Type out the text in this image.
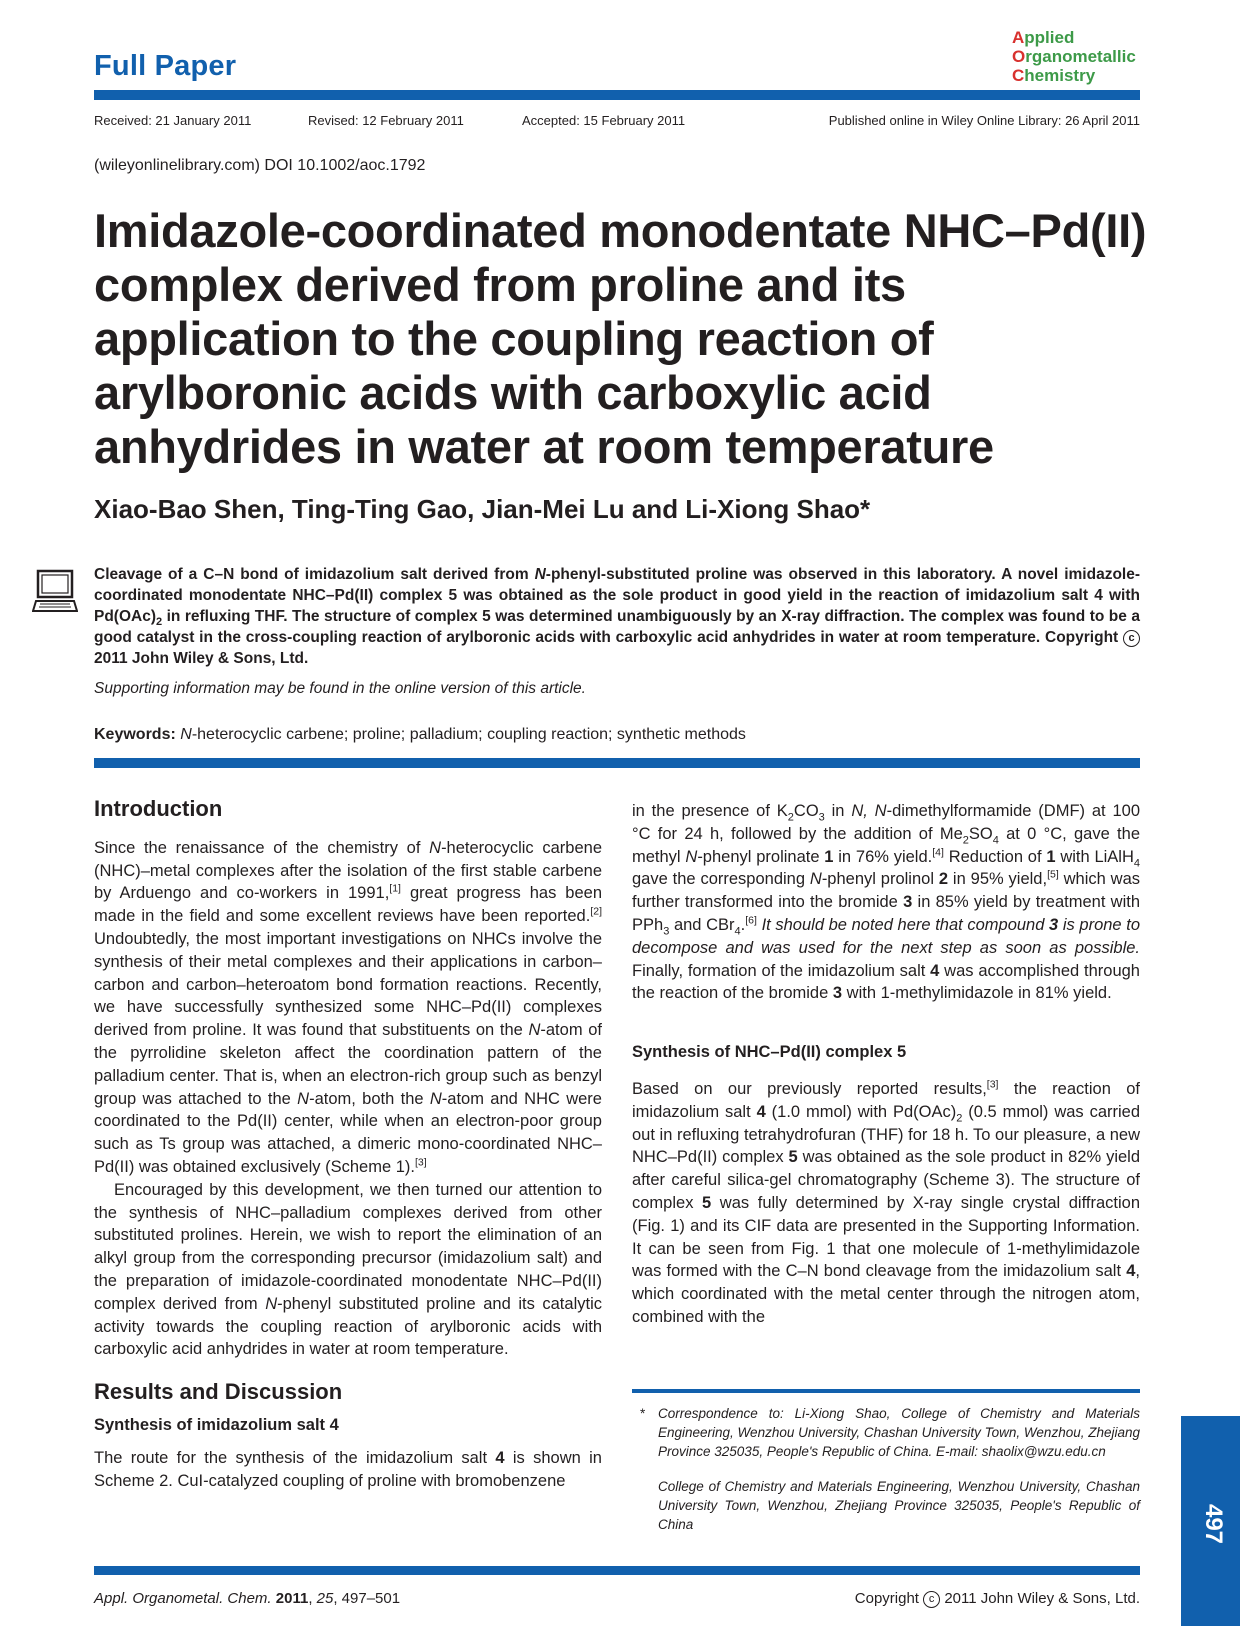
Full Paper
Applied
Organometallic
Chemistry
Received: 21 January 2011	Revised: 12 February 2011	Accepted: 15 February 2011	Published online in Wiley Online Library: 26 April 2011
(wileyonlinelibrary.com) DOI 10.1002/aoc.1792
Imidazole-coordinated monodentate NHC–Pd(II) complex derived from proline and its application to the coupling reaction of arylboronic acids with carboxylic acid anhydrides in water at room temperature
Xiao-Bao Shen, Ting-Ting Gao, Jian-Mei Lu and Li-Xiong Shao*
Cleavage of a C–N bond of imidazolium salt derived from N-phenyl-substituted proline was observed in this laboratory. A novel imidazole-coordinated monodentate NHC–Pd(II) complex 5 was obtained as the sole product in good yield in the reaction of imidazolium salt 4 with $Pd(OAc)_2$ in refluxing THF. The structure of complex 5 was determined unambiguously by an X-ray diffraction. The complex was found to be a good catalyst in the cross-coupling reaction of arylboronic acids with carboxylic acid anhydrides in water at room temperature. Copyright c 2011 John Wiley & Sons, Ltd.
Supporting information may be found in the online version of this article.
Keywords: N-heterocyclic carbene; proline; palladium; coupling reaction; synthetic methods
Introduction

Since the renaissance of the chemistry of N-heterocyclic carbene (NHC)–metal complexes after the isolation of the first stable carbene by Arduengo and co-workers in 1991,[1] great progress has been made in the field and some excellent reviews have been reported.[2] Undoubtedly, the most important investigations on NHCs involve the synthesis of their metal complexes and their applications in carbon–carbon and carbon–heteroatom bond formation reactions. Recently, we have successfully synthesized some NHC–Pd(II) complexes derived from proline. It was found that substituents on the N-atom of the pyrrolidine skeleton affect the coordination pattern of the palladium center. That is, when an electron-rich group such as benzyl group was attached to the N-atom, both the N-atom and NHC were coordinated to the Pd(II) center, while when an electron-poor group such as Ts group was attached, a dimeric mono-coordinated NHC–Pd(II) was obtained exclusively (Scheme 1).[3]

Encouraged by this development, we then turned our attention to the synthesis of NHC–palladium complexes derived from other substituted prolines. Herein, we wish to report the elimination of an alkyl group from the corresponding precursor (imidazolium salt) and the preparation of imidazole-coordinated monodentate NHC–Pd(II) complex derived from N-phenyl substituted proline and its catalytic activity towards the coupling reaction of arylboronic acids with carboxylic acid anhydrides in water at room temperature.

Results and Discussion
Synthesis of imidazolium salt 4

The route for the synthesis of the imidazolium salt 4 is shown in Scheme 2. CuI-catalyzed coupling of proline with bromobenzene

in the presence of $K_2CO_3$ in N, N-dimethylformamide (DMF) at 100 °C for 24 h, followed by the addition of $Me_2SO_4$ at 0 °C, gave the methyl N-phenyl prolinate 1 in 76% yield.[4] Reduction of 1 with LiAlH$_4$ gave the corresponding N-phenyl prolinol 2 in 95% yield,[5] which was further transformed into the bromide 3 in 85% yield by treatment with PPh$_3$ and CBr$_4$.[6] It should be noted here that compound 3 is prone to decompose and was used for the next step as soon as possible. Finally, formation of the imidazolium salt 4 was accomplished through the reaction of the bromide 3 with 1-methylimidazole in 81% yield.

Synthesis of NHC–Pd(II) complex 5

Based on our previously reported results,[3] the reaction of imidazolium salt 4 (1.0 mmol) with $Pd(OAc)_2$ (0.5 mmol) was carried out in refluxing tetrahydrofuran (THF) for 18 h. To our pleasure, a new NHC–Pd(II) complex 5 was obtained as the sole product in 82% yield after careful silica-gel chromatography (Scheme 3). The structure of complex 5 was fully determined by X-ray single crystal diffraction (Fig. 1) and its CIF data are presented in the Supporting Information. It can be seen from Fig. 1 that one molecule of 1-methylimidazole was formed with the C–N bond cleavage from the imidazolium salt 4, which coordinated with the metal center through the nitrogen atom, combined with the

* Correspondence to: Li-Xiong Shao, College of Chemistry and Materials Engineering, Wenzhou University, Chashan University Town, Wenzhou, Zhejiang Province 325035, People's Republic of China. E-mail: shaolix@wzu.edu.cn

College of Chemistry and Materials Engineering, Wenzhou University, Chashan University Town, Wenzhou, Zhejiang Province 325035, People's Republic of China	497
Appl. Organometal. Chem. 2011, 25, 497–501	Copyright c 2011 John Wiley & Sons, Ltd.
